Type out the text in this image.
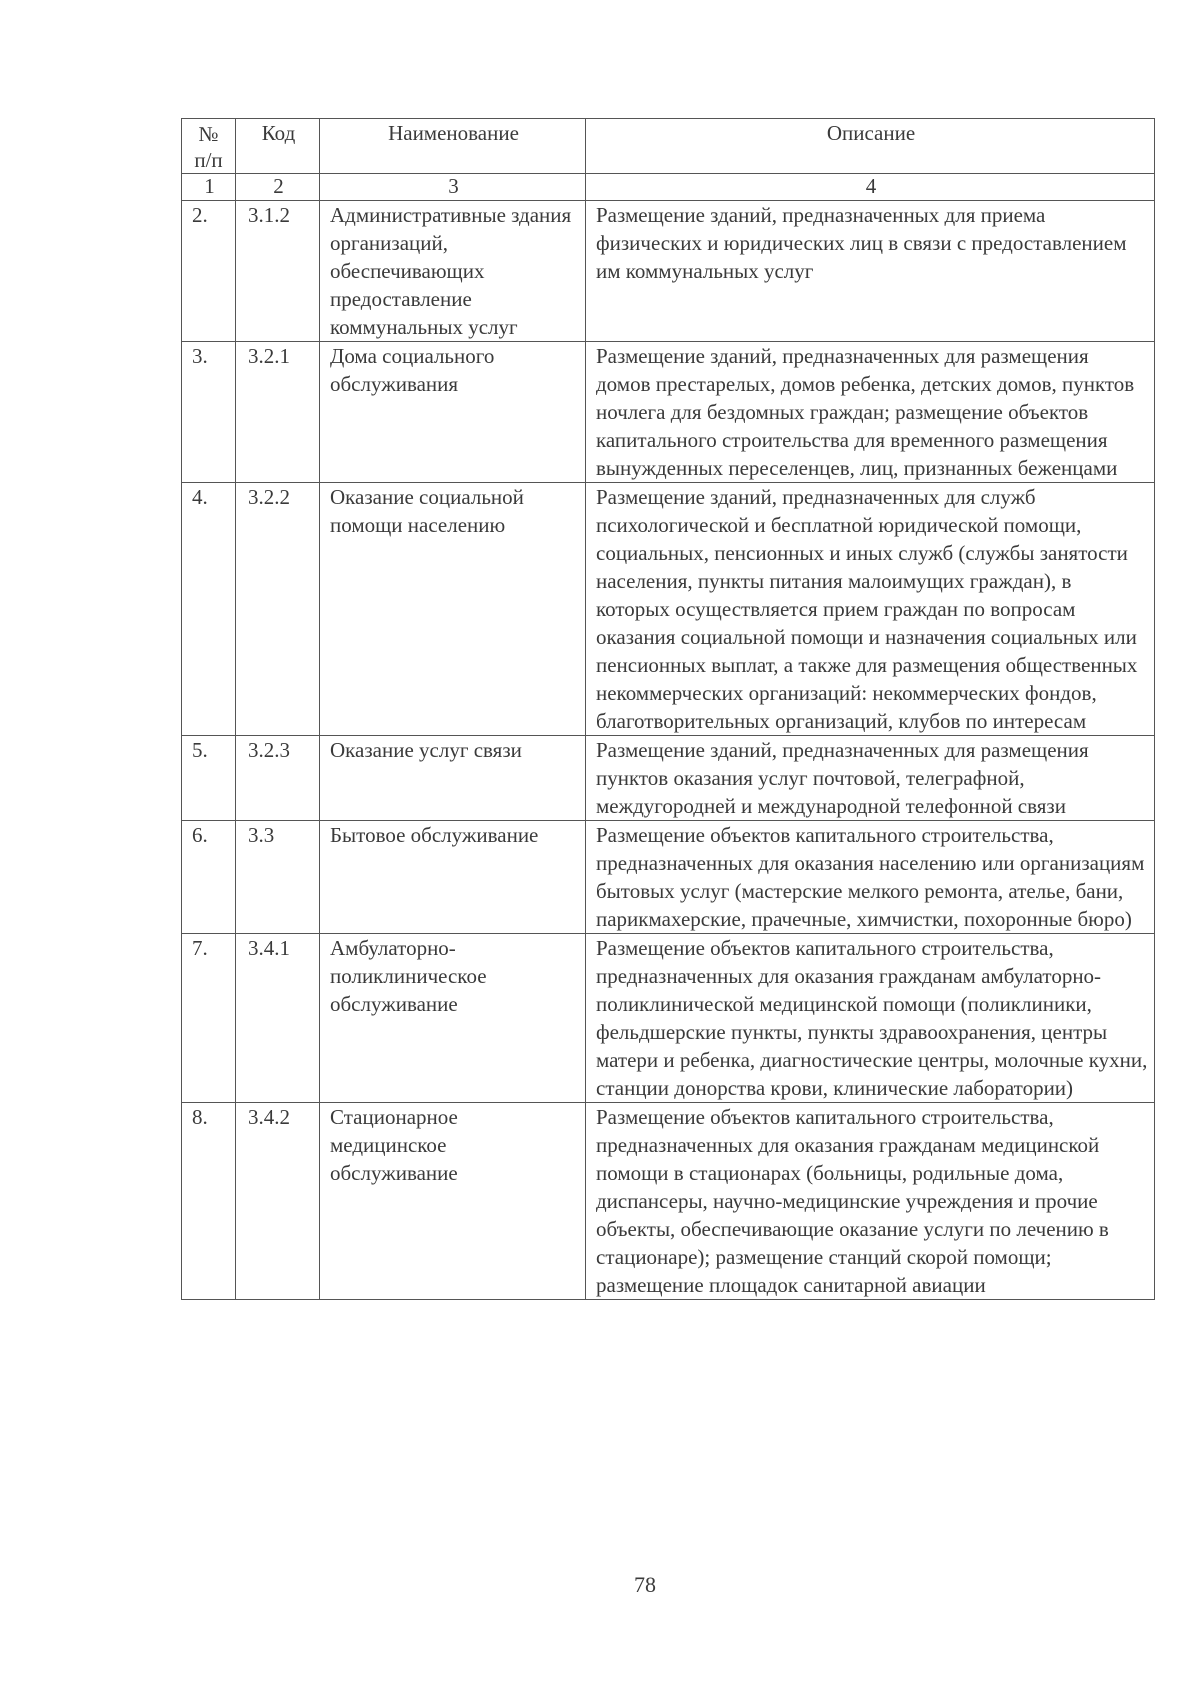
№
п/п	Код	Наименование	Описание
1	2	3	4
2.	3.1.2	Административные здания организаций, обеспечивающих предоставление коммунальных услуг	Размещение зданий, предназначенных для приема физических и юридических лиц в связи с предоставлением им коммунальных услуг
3.	3.2.1	Дома социального обслуживания	Размещение зданий, предназначенных для размещения домов престарелых, домов ребенка, детских домов, пунктов ночлега для бездомных граждан; размещение объектов капитального строительства для временного размещения вынужденных переселенцев, лиц, признанных беженцами
4.	3.2.2	Оказание социальной помощи населению	Размещение зданий, предназначенных для служб психологической и бесплатной юридической помощи, социальных, пенсионных и иных служб (службы занятости населения, пункты питания малоимущих граждан), в которых осуществляется прием граждан по вопросам оказания социальной помощи и назначения социальных или пенсионных выплат, а также для размещения общественных некоммерческих организаций: некоммерческих фондов, благотворительных организаций, клубов по интересам
5.	3.2.3	Оказание услуг связи	Размещение зданий, предназначенных для размещения пунктов оказания услуг почтовой, телеграфной, междугородней и международной телефонной связи
6.	3.3	Бытовое обслуживание	Размещение объектов капитального строительства, предназначенных для оказания населению или организациям бытовых услуг (мастерские мелкого ремонта, ателье, бани, парикмахерские, прачечные, химчистки, похоронные бюро)
7.	3.4.1	Амбулаторно-поликлиническое обслуживание	Размещение объектов капитального строительства, предназначенных для оказания гражданам амбулаторно-поликлинической медицинской помощи (поликлиники, фельдшерские пункты, пункты здравоохранения, центры матери и ребенка, диагностические центры, молочные кухни, станции донорства крови, клинические лаборатории)
8.	3.4.2	Стационарное медицинское обслуживание	Размещение объектов капитального строительства, предназначенных для оказания гражданам медицинской помощи в стационарах (больницы, родильные дома, диспансеры, научно-медицинские учреждения и прочие объекты, обеспечивающие оказание услуги по лечению в стационаре); размещение станций скорой помощи; размещение площадок санитарной авиации
78
